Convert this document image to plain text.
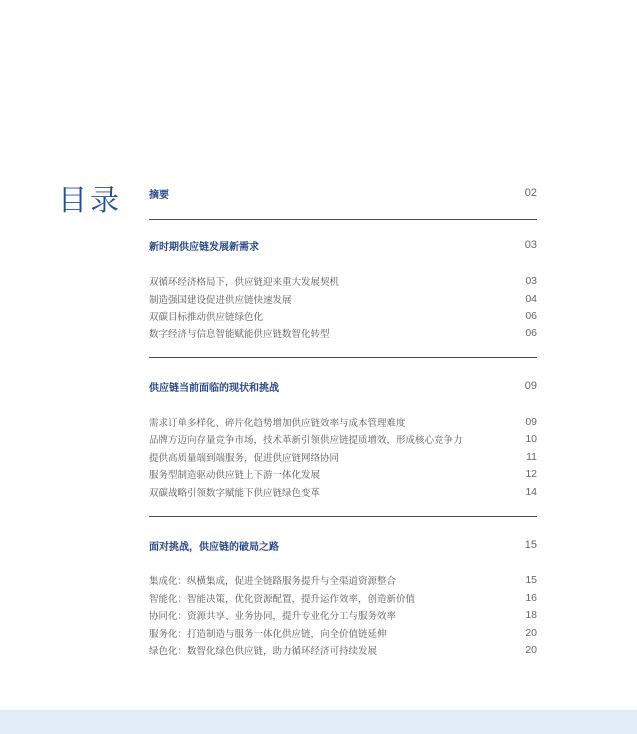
目录	摘要	02
新时期供应链发展新需求	03
双循环经济格局下，供应链迎来重大发展契机	03
制造强国建设促进供应链快速发展	04
双碳目标推动供应链绿色化	06
数字经济与信息智能赋能供应链数智化转型	06
供应链当前面临的现状和挑战	09
需求订单多样化、碎片化趋势增加供应链效率与成本管理难度	09
品牌方迈向存量竞争市场，技术革新引领供应链提质增效，形成核心竞争力	10
提供高质量端到端服务，促进供应链网络协同	11
服务型制造驱动供应链上下游一体化发展	12
双碳战略引领数字赋能下供应链绿色变革	14
面对挑战，供应链的破局之路	15
集成化：纵横集成，促进全链路服务提升与全渠道资源整合	15
智能化：智能决策，优化资源配置，提升运作效率，创造新价值	16
协同化：资源共享、业务协同，提升专业化分工与服务效率	18
服务化：打造制造与服务一体化供应链，向全价值链延伸	20
绿色化：数智化绿色供应链，助力循环经济可持续发展	20
